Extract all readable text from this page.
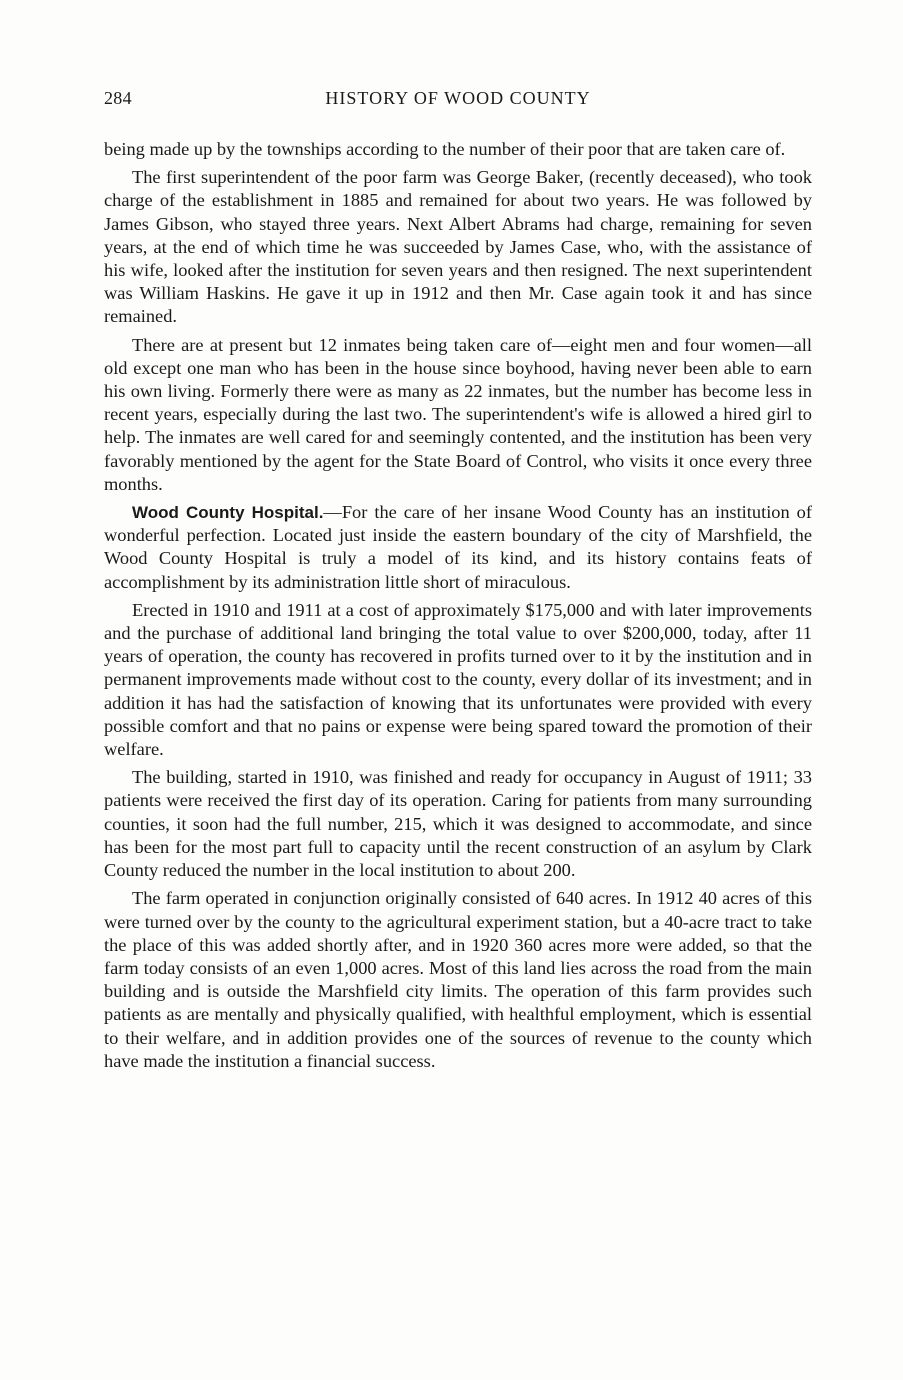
284	HISTORY OF WOOD COUNTY

being made up by the townships according to the number of their poor that are taken care of.

The first superintendent of the poor farm was George Baker, (recently deceased), who took charge of the establishment in 1885 and remained for about two years. He was followed by James Gibson, who stayed three years. Next Albert Abrams had charge, remaining for seven years, at the end of which time he was succeeded by James Case, who, with the assistance of his wife, looked after the institution for seven years and then resigned. The next superintendent was William Haskins. He gave it up in 1912 and then Mr. Case again took it and has since remained.

There are at present but 12 inmates being taken care of—eight men and four women—all old except one man who has been in the house since boyhood, having never been able to earn his own living. Formerly there were as many as 22 inmates, but the number has become less in recent years, especially during the last two. The superintendent's wife is allowed a hired girl to help. The inmates are well cared for and seemingly contented, and the institution has been very favorably mentioned by the agent for the State Board of Control, who visits it once every three months.

Wood County Hospital.—For the care of her insane Wood County has an institution of wonderful perfection. Located just inside the eastern boundary of the city of Marshfield, the Wood County Hospital is truly a model of its kind, and its history contains feats of accomplishment by its administration little short of miraculous.

Erected in 1910 and 1911 at a cost of approximately $175,000 and with later improvements and the purchase of additional land bringing the total value to over $200,000, today, after 11 years of operation, the county has recovered in profits turned over to it by the institution and in permanent improvements made without cost to the county, every dollar of its investment; and in addition it has had the satisfaction of knowing that its unfortunates were provided with every possible comfort and that no pains or expense were being spared toward the promotion of their welfare.

The building, started in 1910, was finished and ready for occupancy in August of 1911; 33 patients were received the first day of its operation. Caring for patients from many surrounding counties, it soon had the full number, 215, which it was designed to accommodate, and since has been for the most part full to capacity until the recent construction of an asylum by Clark County reduced the number in the local institution to about 200.

The farm operated in conjunction originally consisted of 640 acres. In 1912 40 acres of this were turned over by the county to the agricultural experiment station, but a 40-acre tract to take the place of this was added shortly after, and in 1920 360 acres more were added, so that the farm today consists of an even 1,000 acres. Most of this land lies across the road from the main building and is outside the Marshfield city limits. The operation of this farm provides such patients as are mentally and physically qualified, with healthful employment, which is essential to their welfare, and in addition provides one of the sources of revenue to the county which have made the institution a financial success.
